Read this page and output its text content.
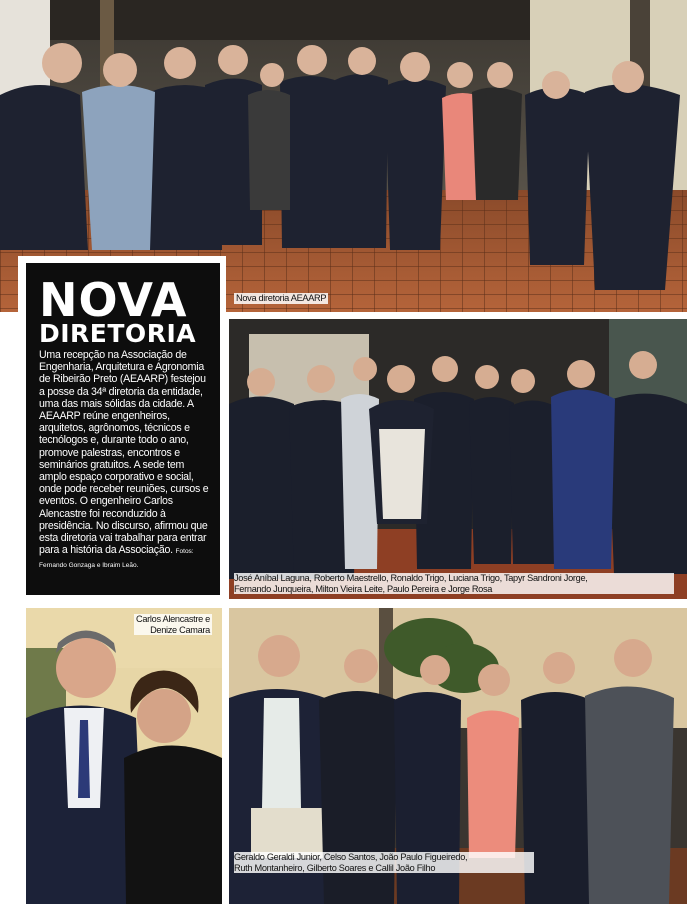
Nova diretoria AEAARP
NOVA
DIRETORIA

Uma recepção na Associação de Engenharia, Arquitetura e Agronomia de Ribeirão Preto (AEAARP) festejou a posse da 34ª diretoria da entidade, uma das mais sólidas da cidade. A AEAARP reúne engenheiros, arquitetos, agrônomos, técnicos e tecnólogos e, durante todo o ano, promove palestras, encontros e seminários gratuitos. A sede tem amplo espaço corporativo e social, onde pode receber reuniões, cursos e eventos. O engenheiro Carlos Alencastre foi reconduzido à presidência. No discurso, afirmou que esta diretoria vai trabalhar para entrar para a história da Associação. Fotos: Fernando Gonzaga e Ibraim Leão.

José Aníbal Laguna, Roberto Maestrello, Ronaldo Trigo, Luciana Trigo, Tapyr Sandroni Jorge,
Fernando Junqueira, Milton Vieira Leite, Paulo Pereira e Jorge Rosa
Carlos Alencastre e
Denize Camara
Geraldo Geraldi Junior, Celso Santos, João Paulo Figueiredo,
Ruth Montanheiro, Gilberto Soares e Callil João Filho
